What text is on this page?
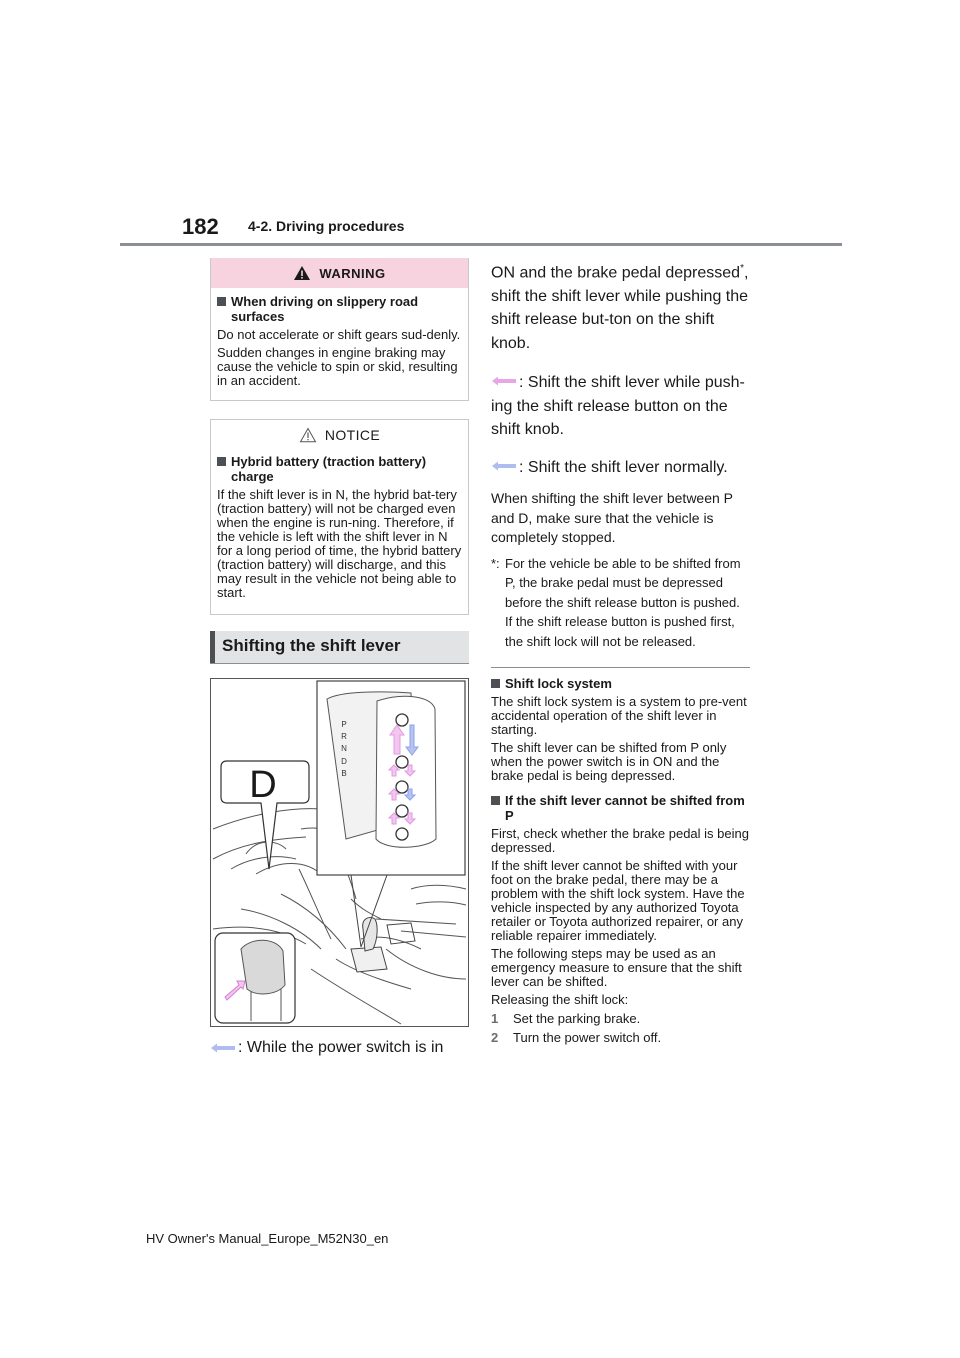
182 4-2. Driving procedures
WARNING
When driving on slippery road surfaces

Do not accelerate or shift gears sud-denly.

Sudden changes in engine braking may cause the vehicle to spin or skid, resulting in an accident.

NOTICE
Hybrid battery (traction battery) charge

If the shift lever is in N, the hybrid bat-tery (traction battery) will not be charged even when the engine is run-ning. Therefore, if the vehicle is left with the shift lever in N for a long period of time, the hybrid battery (traction battery) will discharge, and this may result in the vehicle not being able to start.

Shifting the shift lever
P
R
N
D
B
D
: While the power switch is in

ON and the brake pedal depressed*, shift the shift lever while pushing the shift release but-ton on the shift knob.

: Shift the shift lever while push-ing the shift release button on the shift knob.

: Shift the shift lever normally.

When shifting the shift lever between P and D, make sure that the vehicle is completely stopped.

*: For the vehicle be able to be shifted from P, the brake pedal must be depressed before the shift release button is pushed. If the shift release button is pushed first, the shift lock will not be released.
Shift lock system

The shift lock system is a system to pre-vent accidental operation of the shift lever in starting.

The shift lever can be shifted from P only when the power switch is in ON and the brake pedal is being depressed.

If the shift lever cannot be shifted from P

First, check whether the brake pedal is being depressed.

If the shift lever cannot be shifted with your foot on the brake pedal, there may be a problem with the shift lock system. Have the vehicle inspected by any authorized Toyota retailer or Toyota authorized repairer, or any reliable repairer immediately.

The following steps may be used as an emergency measure to ensure that the shift lever can be shifted.

Releasing the shift lock:

1	Set the parking brake.
2	Turn the power switch off.
HV Owner's Manual_Europe_M52N30_en
